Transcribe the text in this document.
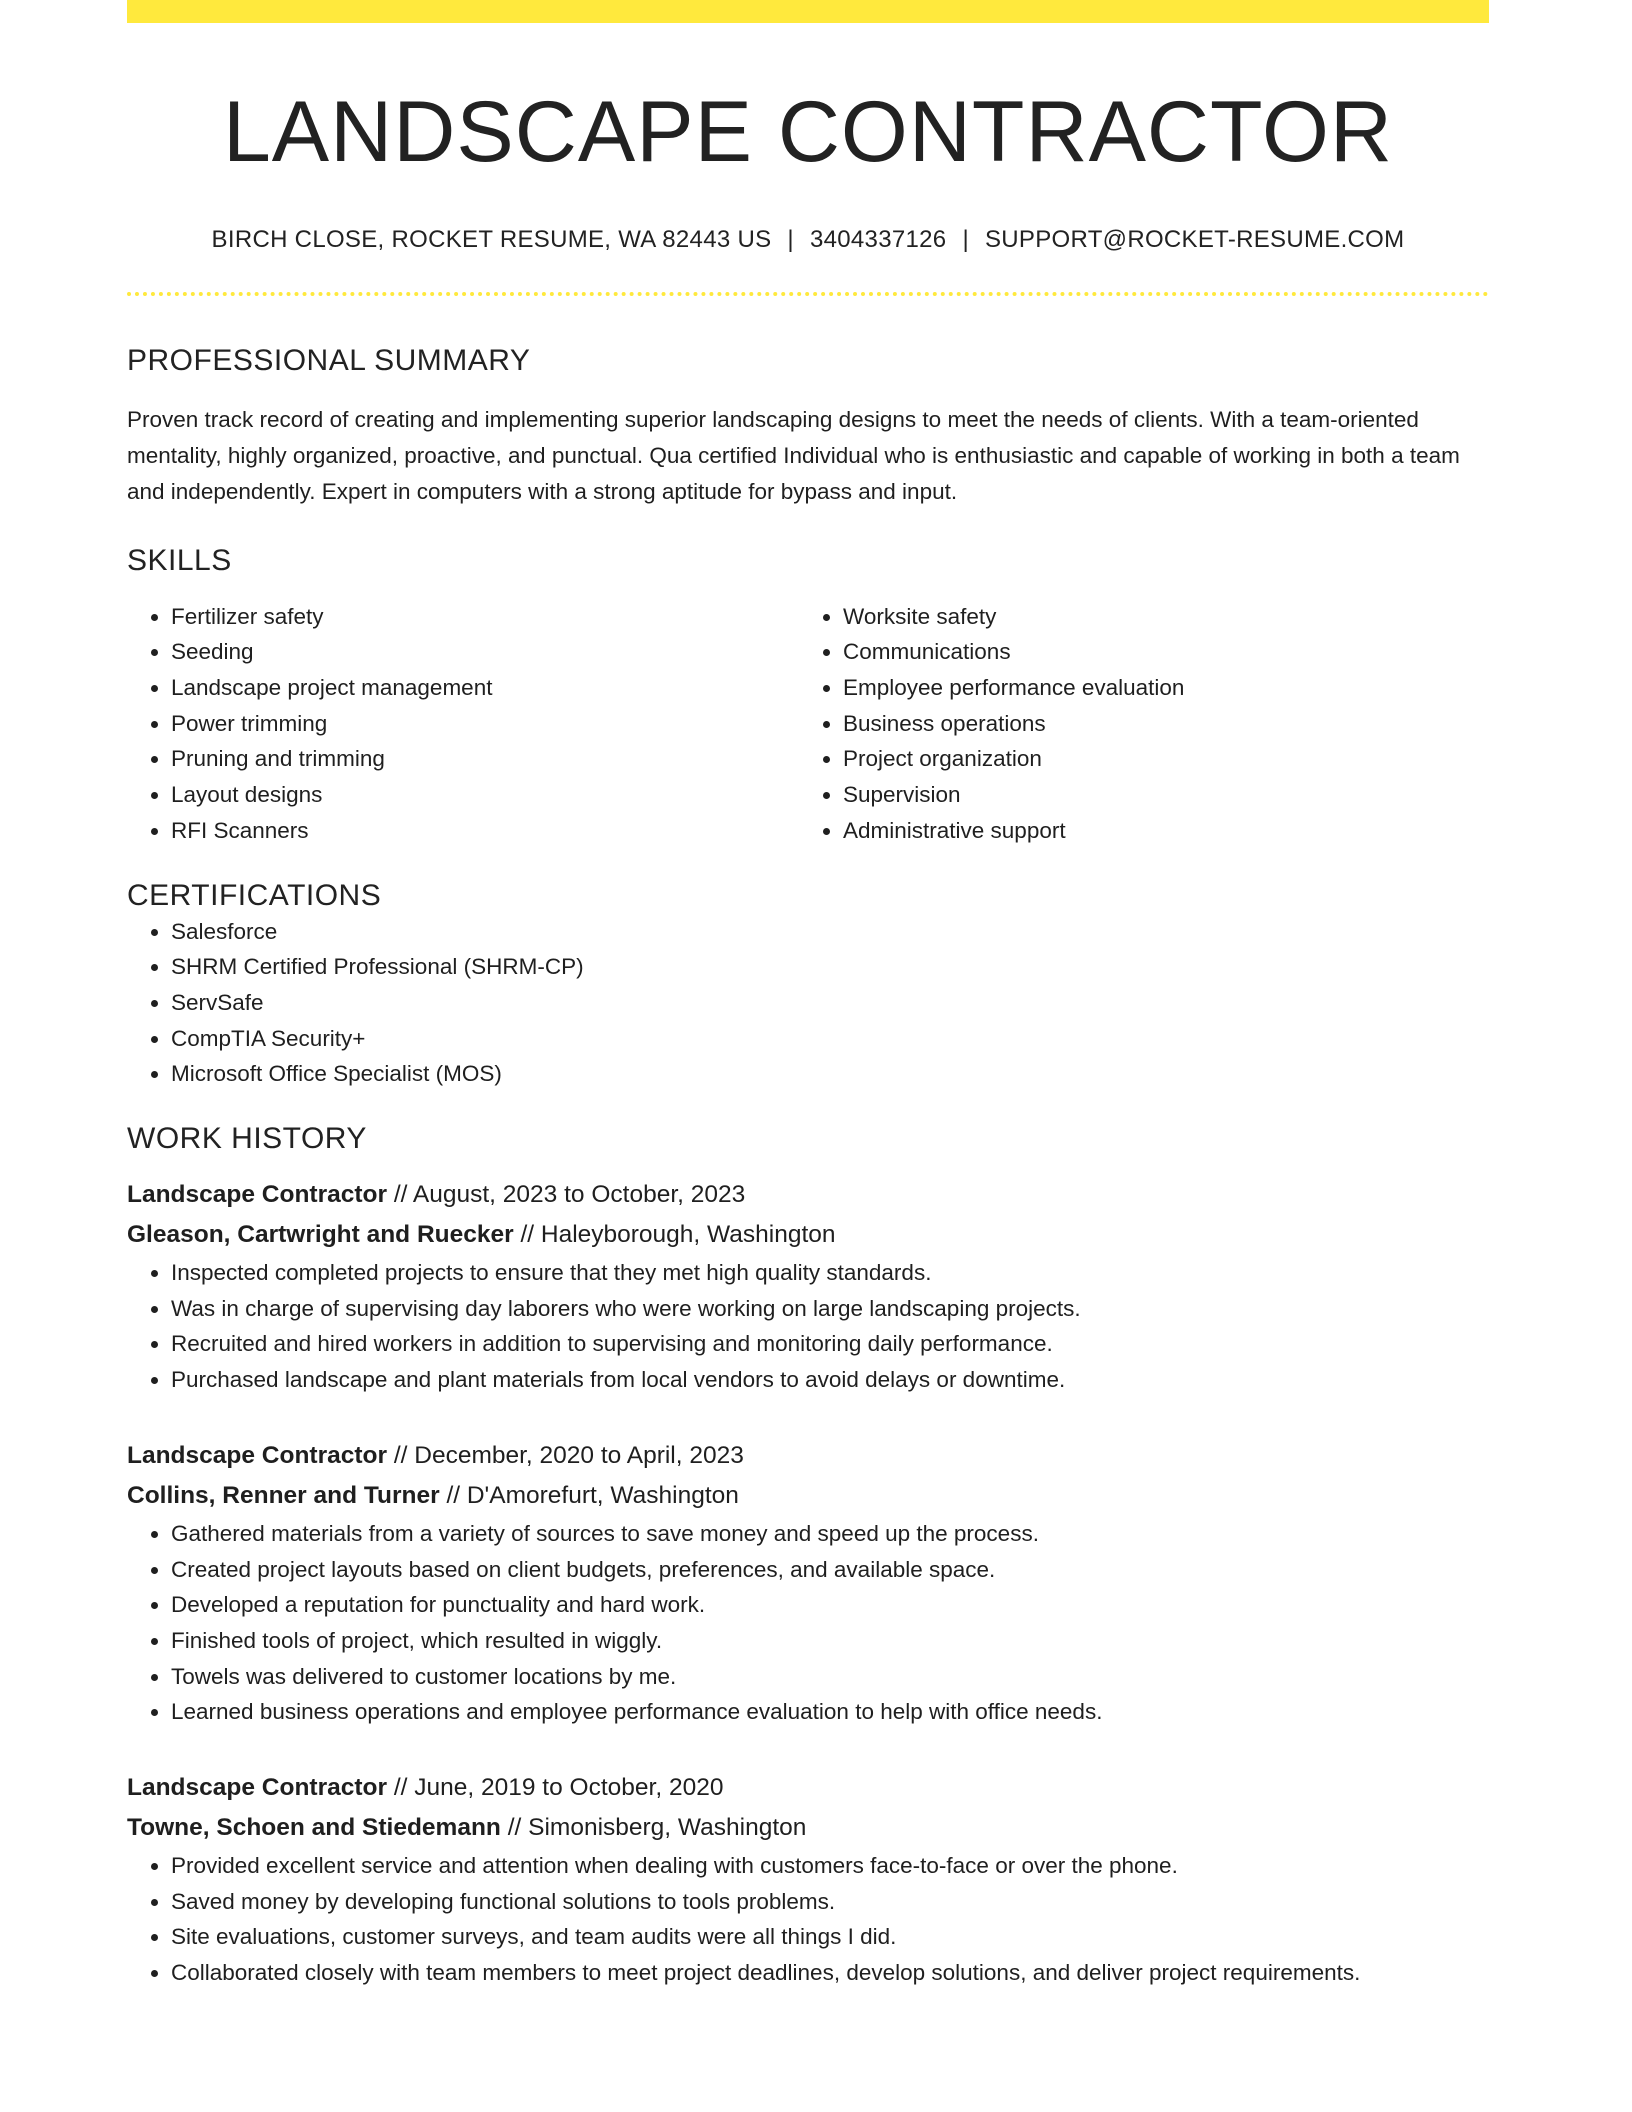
LANDSCAPE CONTRACTOR
BIRCH CLOSE, ROCKET RESUME, WA 82443 US | 3404337126 | SUPPORT@ROCKET-RESUME.COM
PROFESSIONAL SUMMARY

Proven track record of creating and implementing superior landscaping designs to meet the needs of clients. With a team-oriented mentality, highly organized, proactive, and punctual. Qua certified Individual who is enthusiastic and capable of working in both a team and independently. Expert in computers with a strong aptitude for bypass and input.

SKILLS
• Fertilizer safety
• Seeding
• Landscape project management
• Power trimming
• Pruning and trimming
• Layout designs
• RFI Scanners
• Worksite safety
• Communications
• Employee performance evaluation
• Business operations
• Project organization
• Supervision
• Administrative support
CERTIFICATIONS
• Salesforce
• SHRM Certified Professional (SHRM-CP)
• ServSafe
• CompTIA Security+
• Microsoft Office Specialist (MOS)
WORK HISTORY
Landscape Contractor // August, 2023 to October, 2023
Gleason, Cartwright and Ruecker // Haleyborough, Washington
• Inspected completed projects to ensure that they met high quality standards.
• Was in charge of supervising day laborers who were working on large landscaping projects.
• Recruited and hired workers in addition to supervising and monitoring daily performance.
• Purchased landscape and plant materials from local vendors to avoid delays or downtime.
Landscape Contractor // December, 2020 to April, 2023
Collins, Renner and Turner // D'Amorefurt, Washington
• Gathered materials from a variety of sources to save money and speed up the process.
• Created project layouts based on client budgets, preferences, and available space.
• Developed a reputation for punctuality and hard work.
• Finished tools of project, which resulted in wiggly.
• Towels was delivered to customer locations by me.
• Learned business operations and employee performance evaluation to help with office needs.
Landscape Contractor // June, 2019 to October, 2020
Towne, Schoen and Stiedemann // Simonisberg, Washington
• Provided excellent service and attention when dealing with customers face-to-face or over the phone.
• Saved money by developing functional solutions to tools problems.
• Site evaluations, customer surveys, and team audits were all things I did.
• Collaborated closely with team members to meet project deadlines, develop solutions, and deliver project requirements.
